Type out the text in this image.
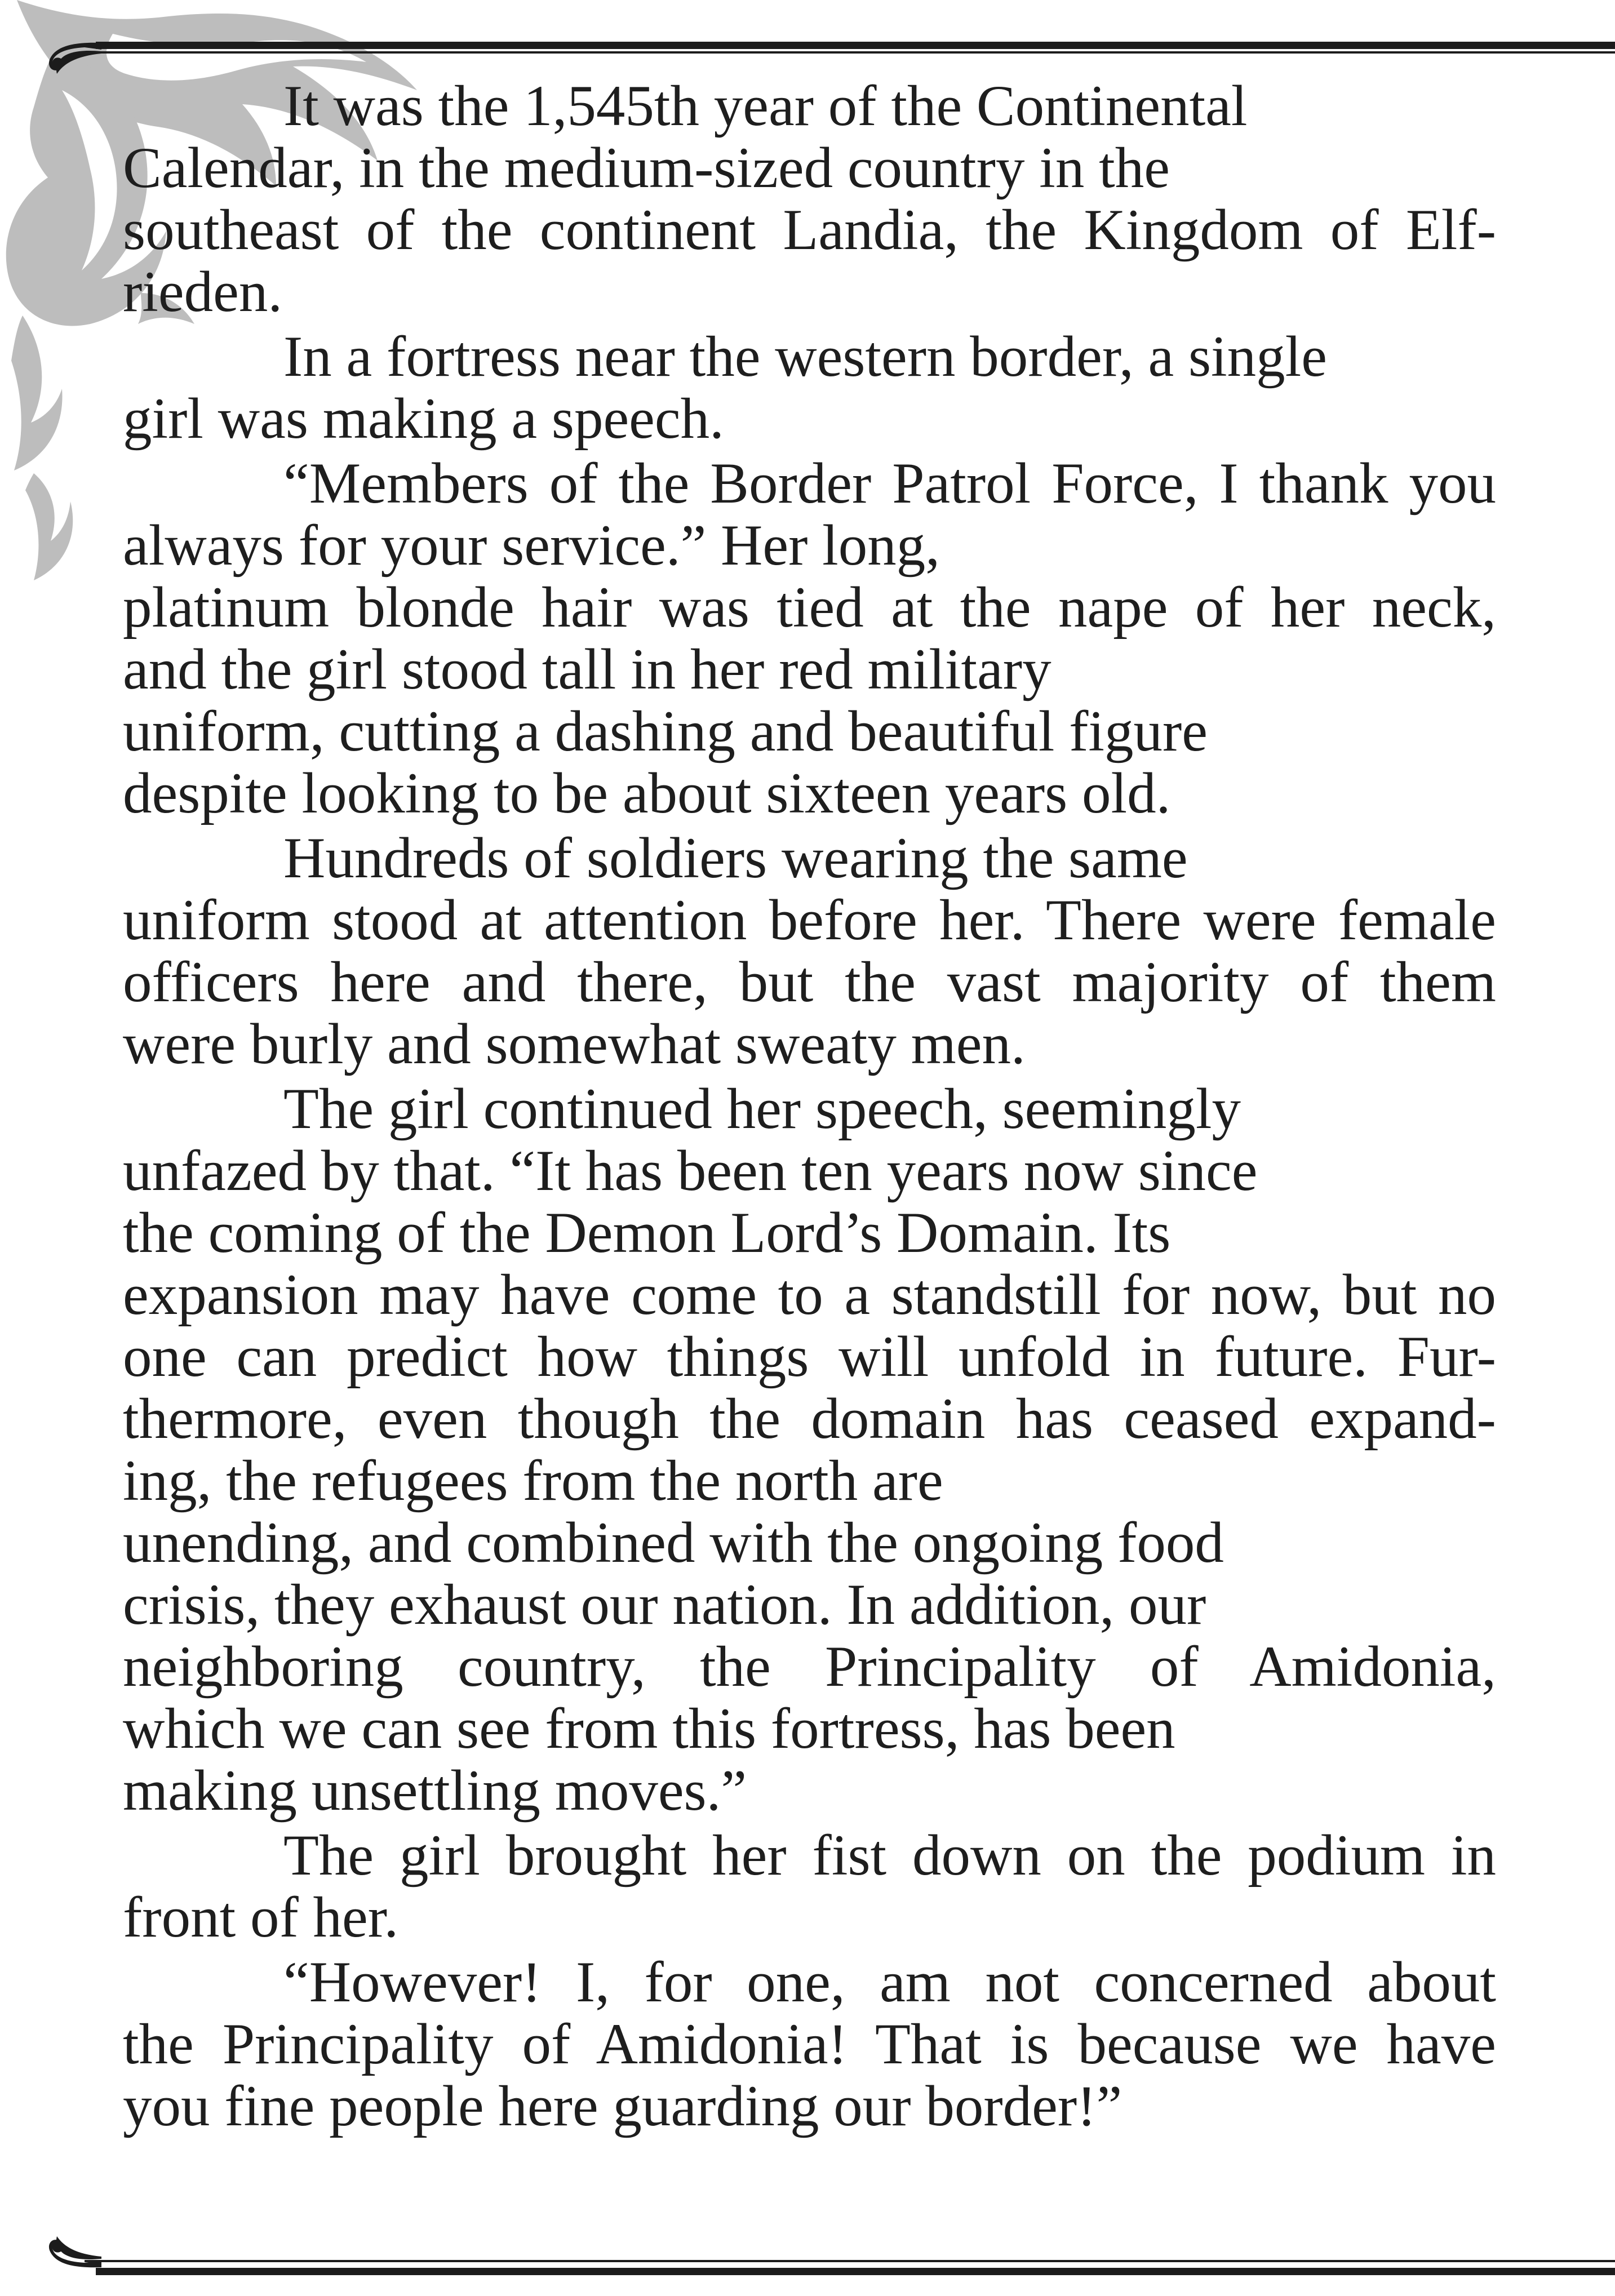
It was the 1,545th year of the Continental
Calendar, in the medium-sized country in the
southeast of the continent Landia, the Kingdom of Elf-
rieden.

In a fortress near the western border, a single
girl was making a speech.

“Members of the Border Patrol Force, I thank you
always for your service.” Her long,
platinum blonde hair was tied at the nape of her neck,
and the girl stood tall in her red military
uniform, cutting a dashing and beautiful figure
despite looking to be about sixteen years old.

Hundreds of soldiers wearing the same
uniform stood at attention before her. There were female
officers here and there, but the vast majority of them
were burly and somewhat sweaty men.

The girl continued her speech, seemingly
unfazed by that. “It has been ten years now since
the coming of the Demon Lord’s Domain. Its
expansion may have come to a standstill for now, but no
one can predict how things will unfold in future. Fur-
thermore, even though the domain has ceased expand-
ing, the refugees from the north are
unending, and combined with the ongoing food
crisis, they exhaust our nation. In addition, our
neighboring country, the Principality of Amidonia,
which we can see from this fortress, has been
making unsettling moves.”

The girl brought her fist down on the podium in
front of her.

“However! I, for one, am not concerned about
the Principality of Amidonia! That is because we have
you fine people here guarding our border!”
